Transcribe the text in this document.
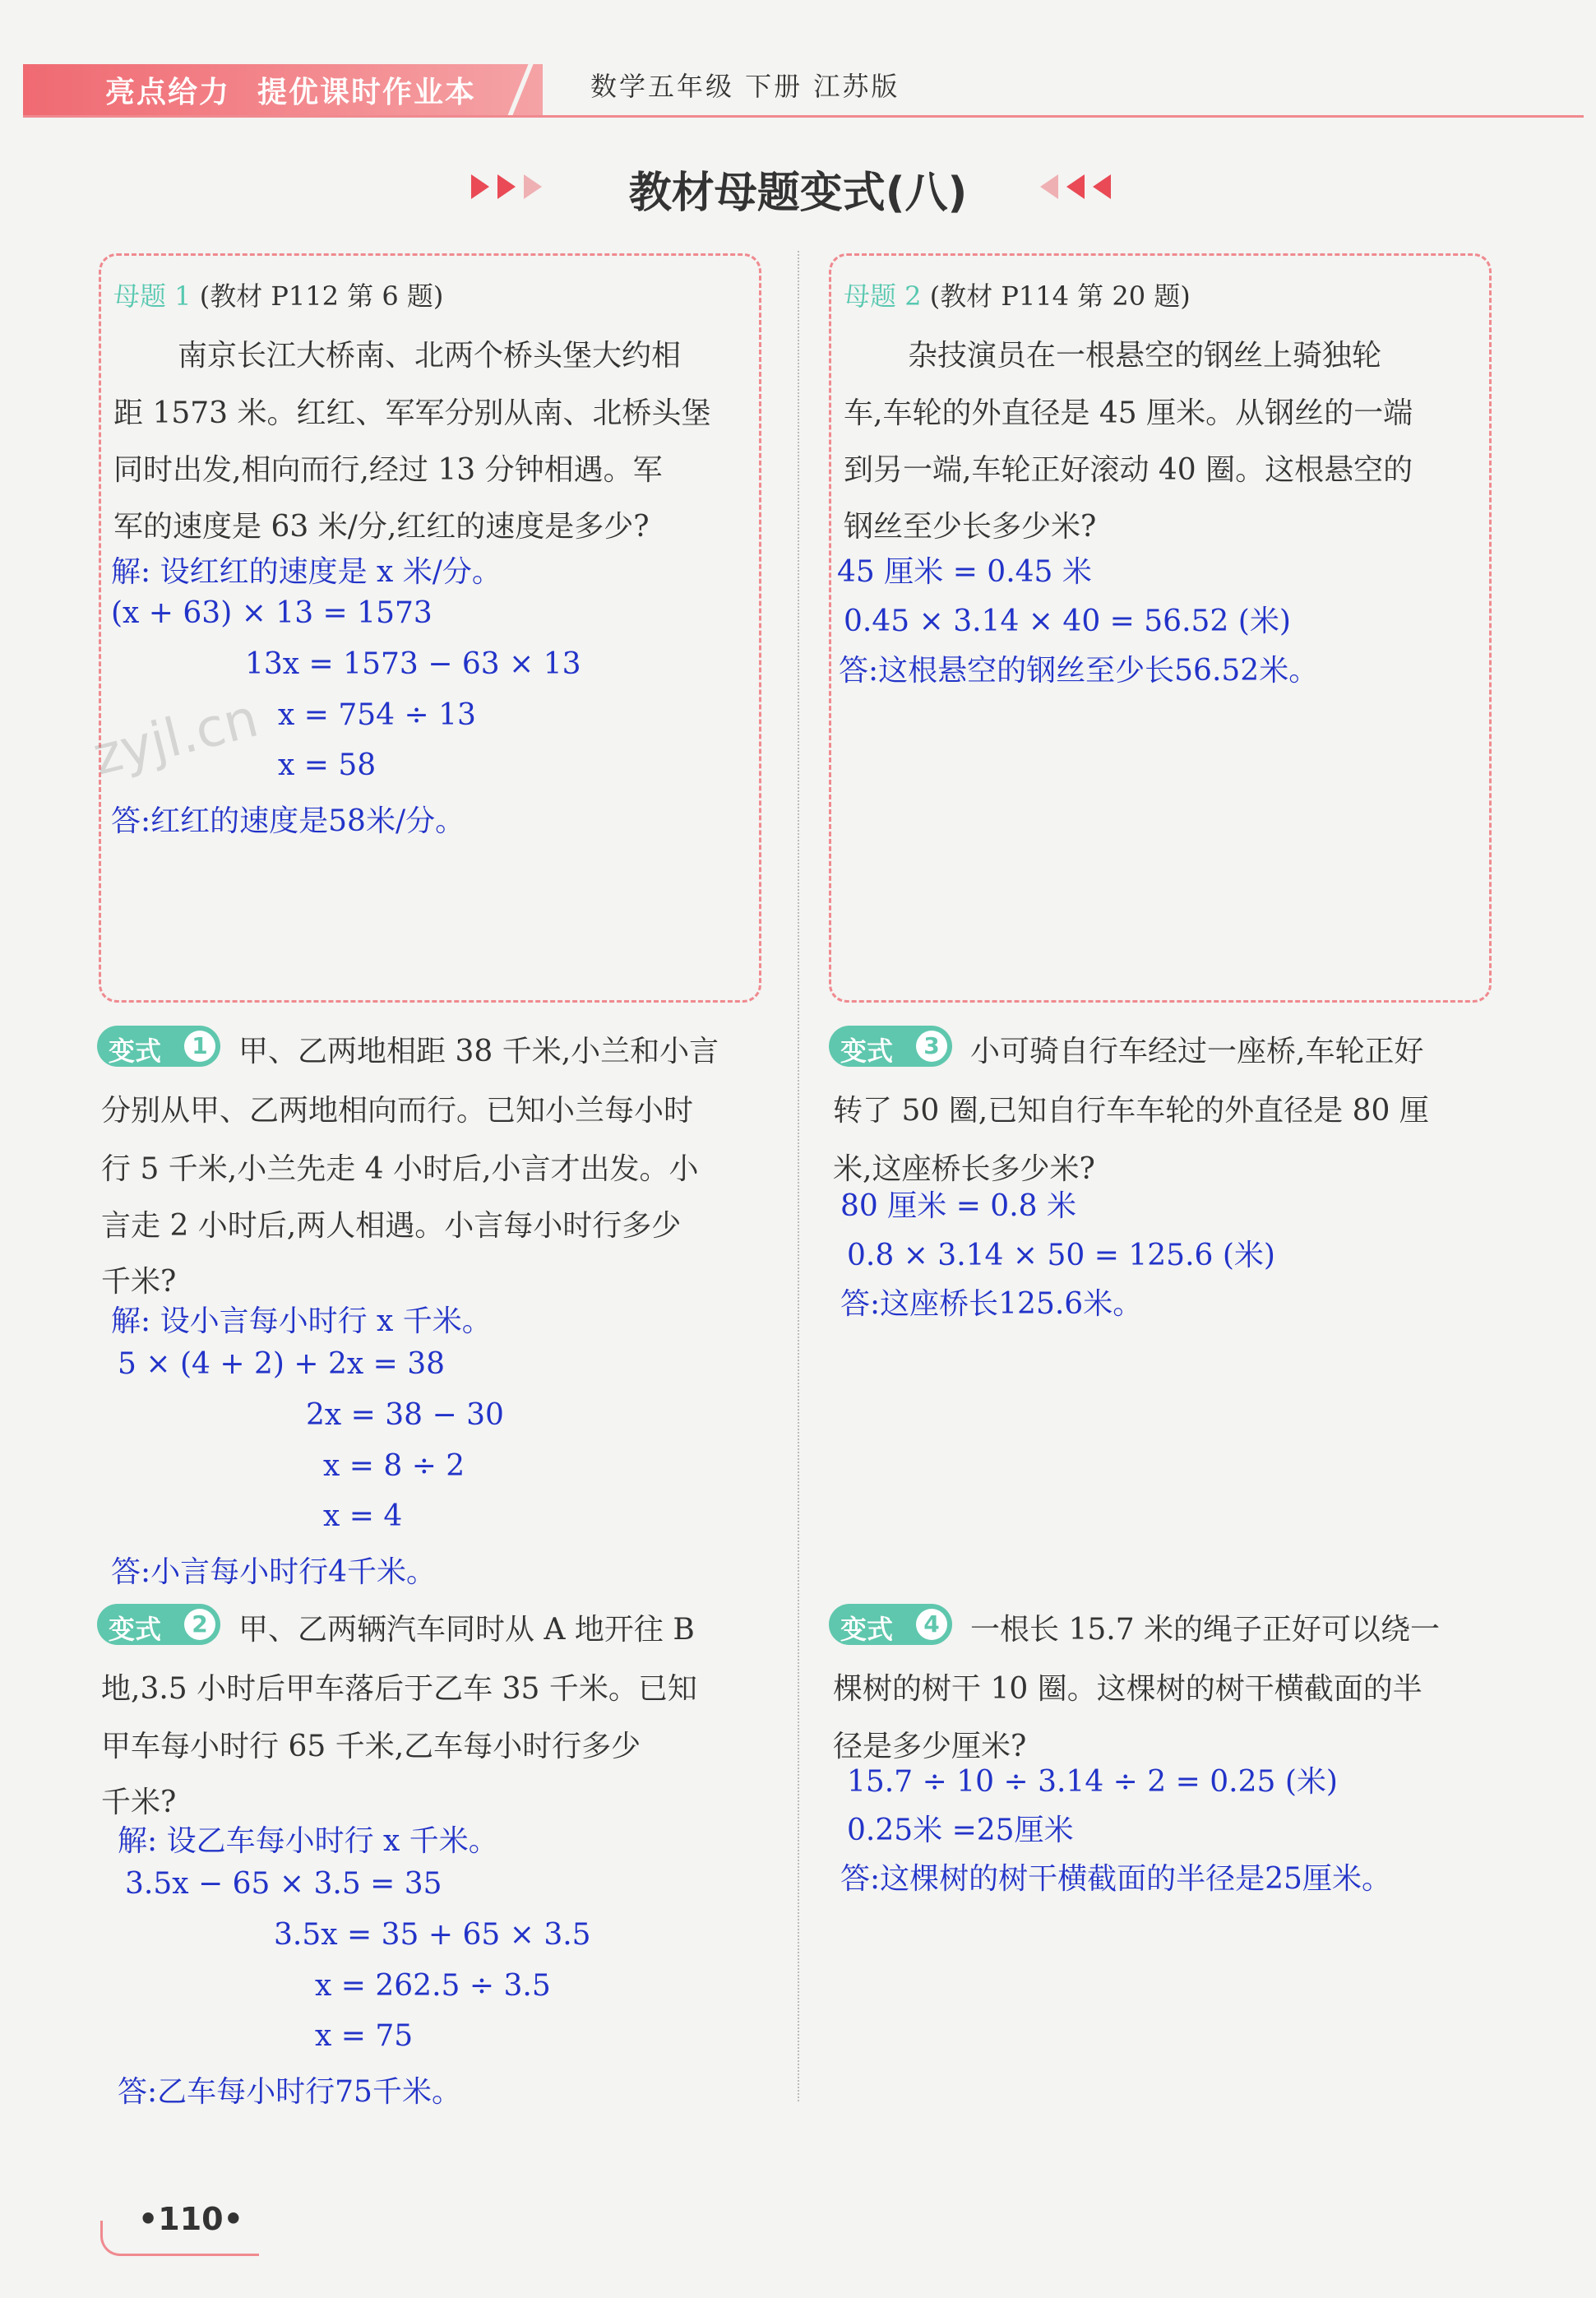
亮点给力 提优课时作业本	数学五年级 下册 江苏版
教材母题变式(八)
母题 1 (教材 P112 第 6 题)
南京长江大桥南、北两个桥头堡大约相
距 1573 米。红红、军军分别从南、北桥头堡
同时出发,相向而行,经过 13 分钟相遇。军
军的速度是 63 米/分,红红的速度是多少?
解: 设红红的速度是 x 米/分。
(x + 63) × 13 = 1573
13x = 1573 − 63 × 13
x = 754 ÷ 13
x = 58
答:红红的速度是58米/分。
zyjl.cn
母题 2 (教材 P114 第 20 题)
杂技演员在一根悬空的钢丝上骑独轮
车,车轮的外直径是 45 厘米。从钢丝的一端
到另一端,车轮正好滚动 40 圈。这根悬空的
钢丝至少长多少米?
45 厘米 = 0.45 米
0.45 × 3.14 × 40 = 56.52 (米)
答:这根悬空的钢丝至少长56.52米。
变式	1 甲、乙两地相距 38 千米,小兰和小言
分别从甲、乙两地相向而行。已知小兰每小时
行 5 千米,小兰先走 4 小时后,小言才出发。小
言走 2 小时后,两人相遇。小言每小时行多少
千米?
解: 设小言每小时行 x 千米。
5 × (4 + 2) + 2x = 38
2x = 38 − 30
x = 8 ÷ 2
x = 4
答:小言每小时行4千米。
变式	2 甲、乙两辆汽车同时从 A 地开往 B
地,3.5 小时后甲车落后于乙车 35 千米。已知
甲车每小时行 65 千米,乙车每小时行多少
千米?
解: 设乙车每小时行 x 千米。
3.5x − 65 × 3.5 = 35
3.5x = 35 + 65 × 3.5
x = 262.5 ÷ 3.5
x = 75
答:乙车每小时行75千米。
变式	3 小可骑自行车经过一座桥,车轮正好
转了 50 圈,已知自行车车轮的外直径是 80 厘
米,这座桥长多少米?
80 厘米 = 0.8 米
0.8 × 3.14 × 50 = 125.6 (米)
答:这座桥长125.6米。
变式	4 一根长 15.7 米的绳子正好可以绕一
棵树的树干 10 圈。这棵树的树干横截面的半
径是多少厘米?
15.7 ÷ 10 ÷ 3.14 ÷ 2 = 0.25 (米)
0.25米 =25厘米
答:这棵树的树干横截面的半径是25厘米。
•110•
